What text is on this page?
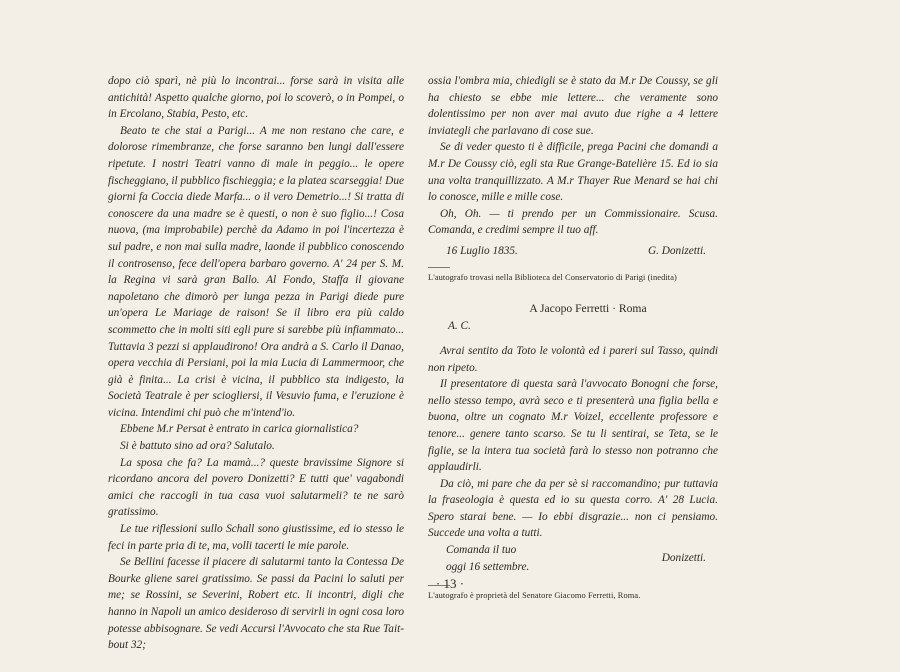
dopo ciò sparì, nè più lo incontrai... forse sarà in visita alle antichità! Aspetto qualche giorno, poi lo scoverò, o in Pompei, o in Ercolano, Stabia, Pesto, etc.

Beato te che stai a Parigi... A me non restano che care, e dolorose rimembranze, che forse saranno ben lungi dall'essere ripetute. I nostri Teatri vanno di male in peggio... le opere fischeggiano, il pubblico fischieggia; e la platea scarseggia! Due giorni fa Coccia diede Marfa... o il vero Demetrio...! Si tratta di conoscere da una madre se è questi, o non è suo figlio...! Cosa nuova, (ma improbabile) perchè da Adamo in poi l'incertezza è sul padre, e non mai sulla madre, laonde il pubblico conoscendo il controsenso, fece dell'opera barbaro governo. A' 24 per S. M. la Regina vi sarà gran Ballo. Al Fondo, Staffa il giovane napoletano che dimorò per lunga pezza in Parigi diede pure un'opera Le Mariage de raison! Se il libro era più caldo scommetto che in molti siti egli pure si sarebbe più infiammato... Tuttavia 3 pezzi si applaudirono! Ora andrà a S. Carlo il Danao, opera vecchia di Persiani, poi la mia Lucia di Lammermoor, che già è finita... La crisi è vicina, il pubblico sta indigesto, la Società Teatrale è per sciogliersi, il Vesuvio fuma, e l'eruzione è vicina. Intendimi chi può che m'intend'io.

Ebbene M.r Persat è entrato in carica giornalistica?

Si è battuto sino ad ora? Salutalo.

La sposa che fa? La mamà...? queste bravissime Signore si ricordano ancora del povero Donizetti? E tutti que' vagabondi amici che raccogli in tua casa vuoi salutarmeli? te ne sarò gratissimo.

Le tue riflessioni sullo Schall sono giustissime, ed io stesso le feci in parte pria di te, ma, volli tacerti le mie parole.

Se Bellini facesse il piacere di salutarmi tanto la Contessa De Bourke gliene sarei gratissimo. Se passi da Pacini lo saluti per me; se Rossini, se Severini, Robert etc. li incontri, digli che hanno in Napoli un amico desideroso di servirli in ogni cosa loro potesse abbisognare. Se vedi Accursi l'Avvocato che sta Rue Tait-bout 32;

ossia l'ombra mia, chiedigli se è stato da M.r De Coussy, se gli ha chiesto se ebbe mie lettere... che veramente sono dolentissimo per non aver mai avuto due righe a 4 lettere inviategli che parlavano di cose sue.

Se di veder questo ti è difficile, prega Pacini che domandi a M.r De Coussy ciò, egli sta Rue Grange-Batelière 15. Ed io sia una volta tranquillizzato. A M.r Thayer Rue Menard se hai chi lo conosce, mille e mille cose.

Oh, Oh. — ti prendo per un Commissionaire. Scusa. Comanda, e credimi sempre il tuo aff.

16 Luglio 1835.	G. Donizetti.

L'autografo trovasi nella Biblioteca del Conservatorio di Parigi (inedita)

A Jacopo Ferretti · Roma
A. C.

Avrai sentito da Toto le volontà ed i pareri sul Tasso, quindi non ripeto.

Il presentatore di questa sarà l'avvocato Bonogni che forse, nello stesso tempo, avrà seco e ti presenterà una figlia bella e buona, oltre un cognato M.r Voizel, eccellente professore e tenore... genere tanto scarso. Se tu li sentirai, se Teta, se le figlie, se la intera tua società farà lo stesso non potranno che applaudirli.

Da ciò, mi pare che da per sè si raccomandino; pur tuttavia la fraseologia è questa ed io su questa corro. A' 28 Lucia. Spero starai bene. — Io ebbi disgrazie... non ci pensiamo. Succede una volta a tutti.

Comanda il tuo
oggi 16 settembre.
Donizetti.

L'autografo è proprietà del Senatore Giacomo Ferretti, Roma.

· 13 ·
